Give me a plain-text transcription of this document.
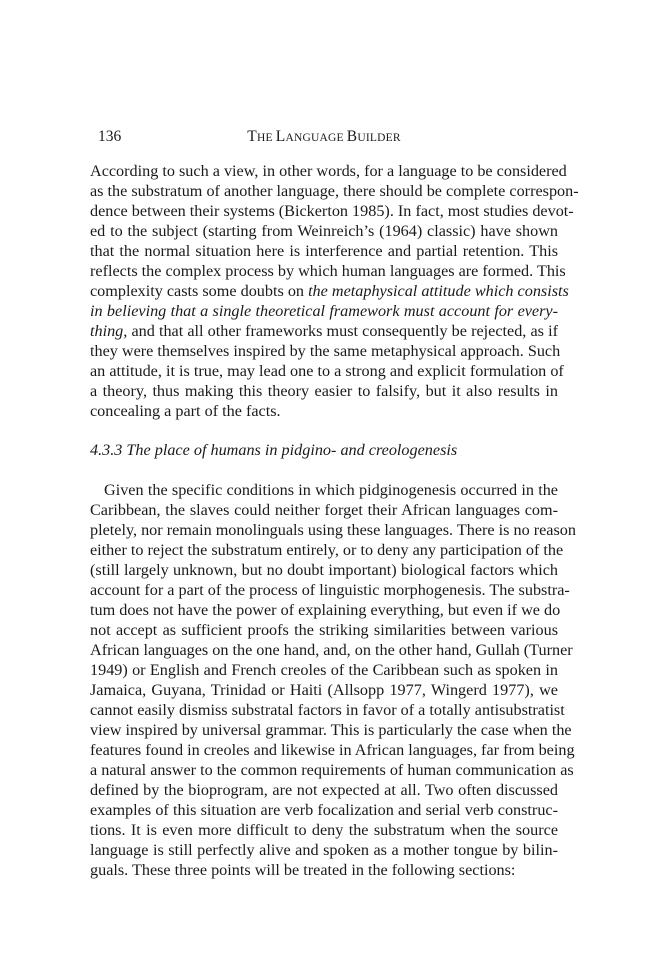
136	THE LANGUAGE BUILDER
According to such a view, in other words, for a language to be considered
as the substratum of another language, there should be complete correspon-
dence between their systems (Bickerton 1985). In fact, most studies devot-
ed to the subject (starting from Weinreich’s (1964) classic) have shown
that the normal situation here is interference and partial retention. This
reflects the complex process by which human languages are formed. This
complexity casts some doubts on the metaphysical attitude which consists
in believing that a single theoretical framework must account for every-
thing, and that all other frameworks must consequently be rejected, as if
they were themselves inspired by the same metaphysical approach. Such
an attitude, it is true, may lead one to a strong and explicit formulation of
a theory, thus making this theory easier to falsify, but it also results in
concealing a part of the facts.
4.3.3 The place of humans in pidgino- and creologenesis
Given the specific conditions in which pidginogenesis occurred in the
Caribbean, the slaves could neither forget their African languages com-
pletely, nor remain monolinguals using these languages. There is no reason
either to reject the substratum entirely, or to deny any participation of the
(still largely unknown, but no doubt important) biological factors which
account for a part of the process of linguistic morphogenesis. The substra-
tum does not have the power of explaining everything, but even if we do
not accept as sufficient proofs the striking similarities between various
African languages on the one hand, and, on the other hand, Gullah (Turner
1949) or English and French creoles of the Caribbean such as spoken in
Jamaica, Guyana, Trinidad or Haiti (Allsopp 1977, Wingerd 1977), we
cannot easily dismiss substratal factors in favor of a totally antisubstratist
view inspired by universal grammar. This is particularly the case when the
features found in creoles and likewise in African languages, far from being
a natural answer to the common requirements of human communication as
defined by the bioprogram, are not expected at all. Two often discussed
examples of this situation are verb focalization and serial verb construc-
tions. It is even more difficult to deny the substratum when the source
language is still perfectly alive and spoken as a mother tongue by bilin-
guals. These three points will be treated in the following sections:
